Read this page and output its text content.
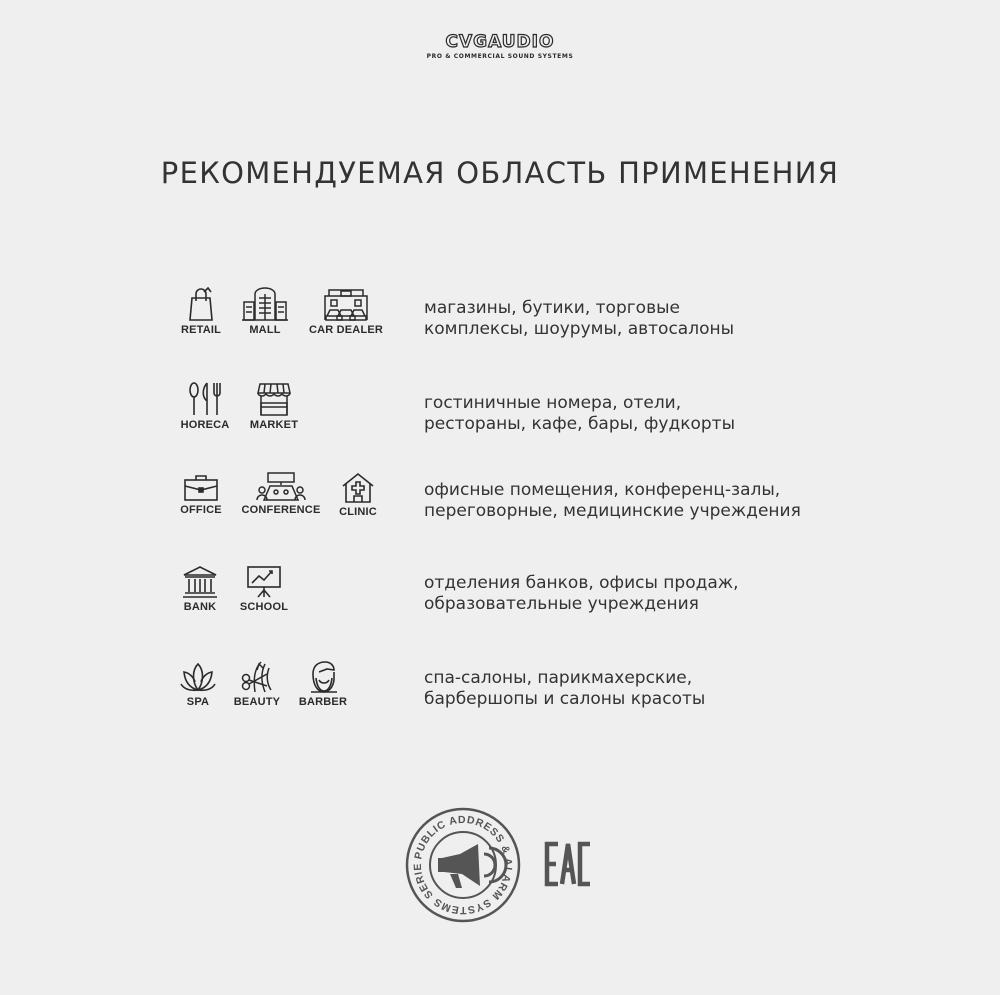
CVGAUDIO
PRO & COMMERCIAL SOUND SYSTEMS
РЕКОМЕНДУЕМАЯ ОБЛАСТЬ ПРИМЕНЕНИЯ
RETAIL	MALL	CAR DEALER
магазины, бутики, торговые
комплексы, шоурумы, автосалоны
HORECA MARKET
гостиничные номера, отели,
рестораны, кафе, бары, фудкорты
OFFICE CONFERENCE	CLINIC
офисные помещения, конференц-залы,
переговорные, медицинские учреждения
BANK	SCHOOL
отделения банков, офисы продаж,
образовательные учреждения
SPA	BEAUTY BARBER
спа-салоны, парикмахерские,
барбершопы и салоны красоты
PUBLIC ADDRESS & ALARM SYSTEMS SERIE
